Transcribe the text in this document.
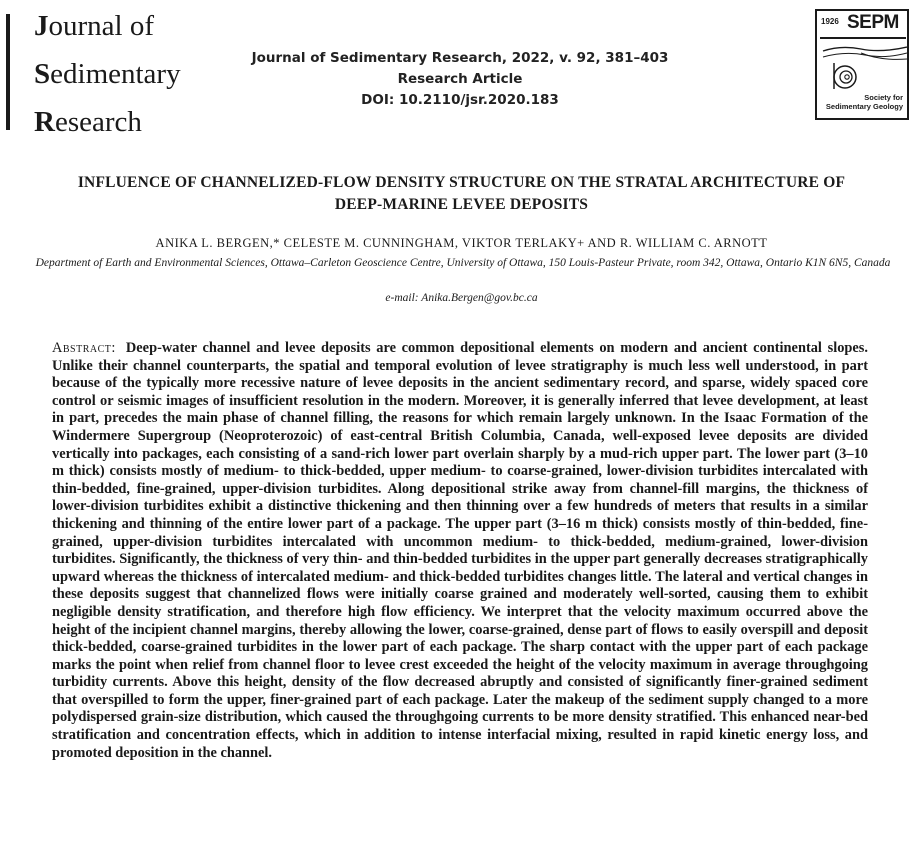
Journal of
Sedimentary
Research
Journal of Sedimentary Research, 2022, v. 92, 381–403
Research Article
DOI: 10.2110/jsr.2020.183
1926 SEPM
Society for
Sedimentary Geology
INFLUENCE OF CHANNELIZED-FLOW DENSITY STRUCTURE ON THE STRATAL ARCHITECTURE OF
DEEP-MARINE LEVEE DEPOSITS
ANIKA L. BERGEN,* CELESTE M. CUNNINGHAM, VIKTOR TERLAKY+ AND R. WILLIAM C. ARNOTT
Department of Earth and Environmental Sciences, Ottawa–Carleton Geoscience Centre, University of Ottawa, 150 Louis-Pasteur Private, room 342, Ottawa, Ontario K1N 6N5, Canada
e-mail: Anika.Bergen@gov.bc.ca
Abstract: Deep-water channel and levee deposits are common depositional elements on modern and ancient continental slopes. Unlike their channel counterparts, the spatial and temporal evolution of levee stratigraphy is much less well understood, in part because of the typically more recessive nature of levee deposits in the ancient sedimentary record, and sparse, widely spaced core control or seismic images of insufficient resolution in the modern. Moreover, it is generally inferred that levee development, at least in part, precedes the main phase of channel filling, the reasons for which remain largely unknown. In the Isaac Formation of the Windermere Supergroup (Neoproterozoic) of east-central British Columbia, Canada, well-exposed levee deposits are divided vertically into packages, each consisting of a sand-rich lower part overlain sharply by a mud-rich upper part. The lower part (3–10 m thick) consists mostly of medium- to thick-bedded, upper medium- to coarse-grained, lower-division turbidites intercalated with thin-bedded, fine-grained, upper-division turbidites. Along depositional strike away from channel-fill margins, the thickness of lower-division turbidites exhibit a distinctive thickening and then thinning over a few hundreds of meters that results in a similar thickening and thinning of the entire lower part of a package. The upper part (3–16 m thick) consists mostly of thin-bedded, fine-grained, upper-division turbidites intercalated with uncommon medium- to thick-bedded, medium-grained, lower-division turbidites. Significantly, the thickness of very thin- and thin-bedded turbidites in the upper part generally decreases stratigraphically upward whereas the thickness of intercalated medium- and thick-bedded turbidites changes little. The lateral and vertical changes in these deposits suggest that channelized flows were initially coarse grained and moderately well-sorted, causing them to exhibit negligible density stratification, and therefore high flow efficiency. We interpret that the velocity maximum occurred above the height of the incipient channel margins, thereby allowing the lower, coarse-grained, dense part of flows to easily overspill and deposit thick-bedded, coarse-grained turbidites in the lower part of each package. The sharp contact with the upper part of each package marks the point when relief from channel floor to levee crest exceeded the height of the velocity maximum in average throughgoing turbidity currents. Above this height, density of the flow decreased abruptly and consisted of significantly finer-grained sediment that overspilled to form the upper, finer-grained part of each package. Later the makeup of the sediment supply changed to a more polydispersed grain-size distribution, which caused the throughgoing currents to be more density stratified. This enhanced near-bed stratification and concentration effects, which in addition to intense interfacial mixing, resulted in rapid kinetic energy loss, and promoted deposition in the channel.
